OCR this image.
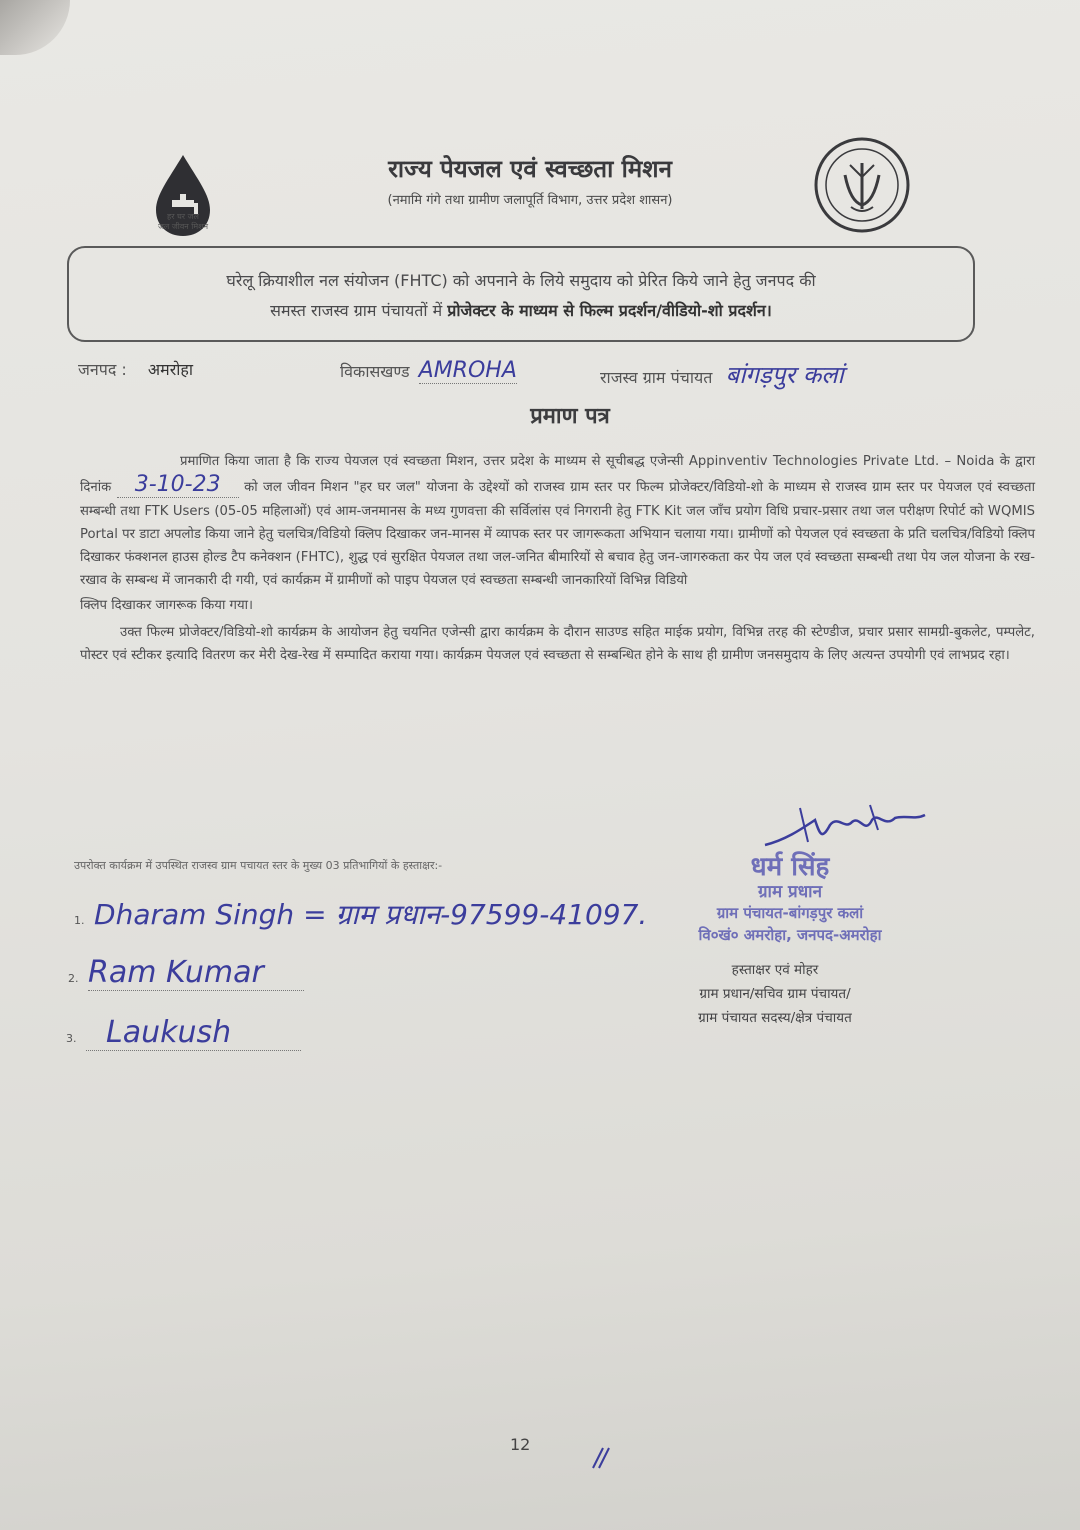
हर घर जल
जल जीवन मिशन
राज्य पेयजल एवं स्वच्छता मिशन
(नमामि गंगे तथा ग्रामीण जलापूर्ति विभाग, उत्तर प्रदेश शासन)
घरेलू क्रियाशील नल संयोजन (FHTC) को अपनाने के लिये समुदाय को प्रेरित किये जाने हेतु जनपद की
समस्त राजस्व ग्राम पंचायतों में प्रोजेक्टर के माध्यम से फिल्म प्रदर्शन/वीडियो-शो प्रदर्शन।
जनपद : अमरोहा	विकासखण्ड AMROHA	राजस्व ग्राम पंचायत बांगड़पुर कलां
प्रमाण पत्र

प्रमाणित किया जाता है कि राज्य पेयजल एवं स्वच्छता मिशन, उत्तर प्रदेश के माध्यम से सूचीबद्ध एजेन्सी Appinventiv Technologies Private Ltd. – Noida के द्वारा दिनांक 3-10-23 को जल जीवन मिशन "हर घर जल" योजना के उद्देश्यों को राजस्व ग्राम स्तर पर फिल्म प्रोजेक्टर/विडियो-शो के माध्यम से राजस्व ग्राम स्तर पर पेयजल एवं स्वच्छता सम्बन्धी तथा FTK Users (05-05 महिलाओं) एवं आम-जनमानस के मध्य गुणवत्ता की सर्विलांस एवं निगरानी हेतु FTK Kit जल जाँच प्रयोग विधि प्रचार-प्रसार तथा जल परीक्षण रिपोर्ट को WQMIS Portal पर डाटा अपलोड किया जाने हेतु चलचित्र/विडियो क्लिप दिखाकर जन-मानस में व्यापक स्तर पर जागरूकता अभियान चलाया गया। ग्रामीणों को पेयजल एवं स्वच्छता के प्रति चलचित्र/विडियो क्लिप दिखाकर फंक्शनल हाउस होल्ड टैप कनेक्शन (FHTC), शुद्ध एवं सुरक्षित पेयजल तथा जल-जनित बीमारियों से बचाव हेतु जन-जागरुकता कर पेय जल एवं स्वच्छता सम्बन्धी तथा पेय जल योजना के रख-रखाव के सम्बन्ध में जानकारी दी गयी, एवं कार्यक्रम में ग्रामीणों को पाइप पेयजल एवं स्वच्छता सम्बन्धी जानकारियों विभिन्न विडियो

क्लिप दिखाकर जागरूक किया गया।

उक्त फिल्म प्रोजेक्टर/विडियो-शो कार्यक्रम के आयोजन हेतु चयनित एजेन्सी द्वारा कार्यक्रम के दौरान साउण्ड सहित माईक प्रयोग, विभिन्न तरह की स्टेण्डीज, प्रचार प्रसार सामग्री-बुकलेट, पम्पलेट, पोस्टर एवं स्टीकर इत्यादि वितरण कर मेरी देख-रेख में सम्पादित कराया गया। कार्यक्रम पेयजल एवं स्वच्छता से सम्बन्धित होने के साथ ही ग्रामीण जनसमुदाय के लिए अत्यन्त उपयोगी एवं लाभप्रद रहा।

उपरोक्त कार्यक्रम में उपस्थित राजस्व ग्राम पचायत स्तर के मुख्य 03 प्रतिभागियों के हस्ताक्षर:-
1. Dharam Singh = ग्राम प्रधान-97599-41097.
2. Ram Kumar
3. Laukush
धर्म सिंह
ग्राम प्रधान
ग्राम पंचायत-बांगड़पुर कलां
वि०खं० अमरोहा, जनपद-अमरोहा
हस्ताक्षर एवं मोहर
ग्राम प्रधान/सचिव ग्राम पंचायत/
ग्राम पंचायत सदस्य/क्षेत्र पंचायत
12
